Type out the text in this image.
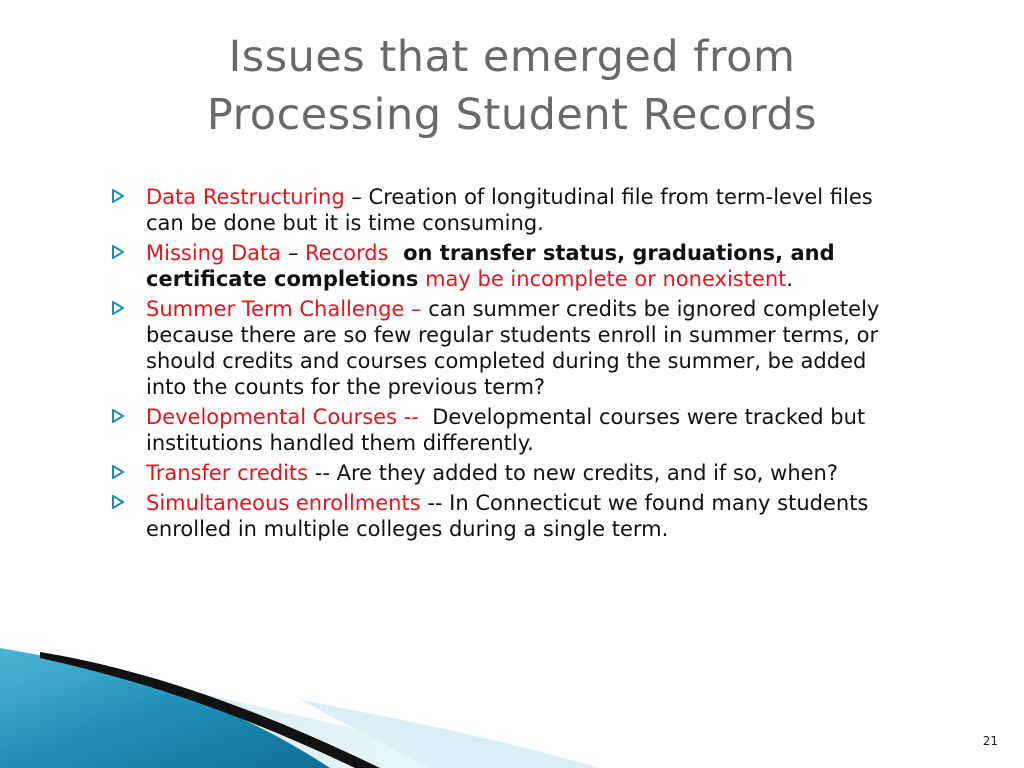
Issues that emerged from
Processing Student Records
Data Restructuring – Creation of longitudinal file from term-level files can be done but it is time consuming.
Missing Data – Records  on transfer status, graduations, and certificate completions may be incomplete or nonexistent.
Summer Term Challenge – can summer credits be ignored completely because there are so few regular students enroll in summer terms, or should credits and courses completed during the summer, be added into the counts for the previous term?
Developmental Courses --  Developmental courses were tracked but institutions handled them differently.
Transfer credits -- Are they added to new credits, and if so, when?
Simultaneous enrollments -- In Connecticut we found many students enrolled in multiple colleges during a single term.
21
